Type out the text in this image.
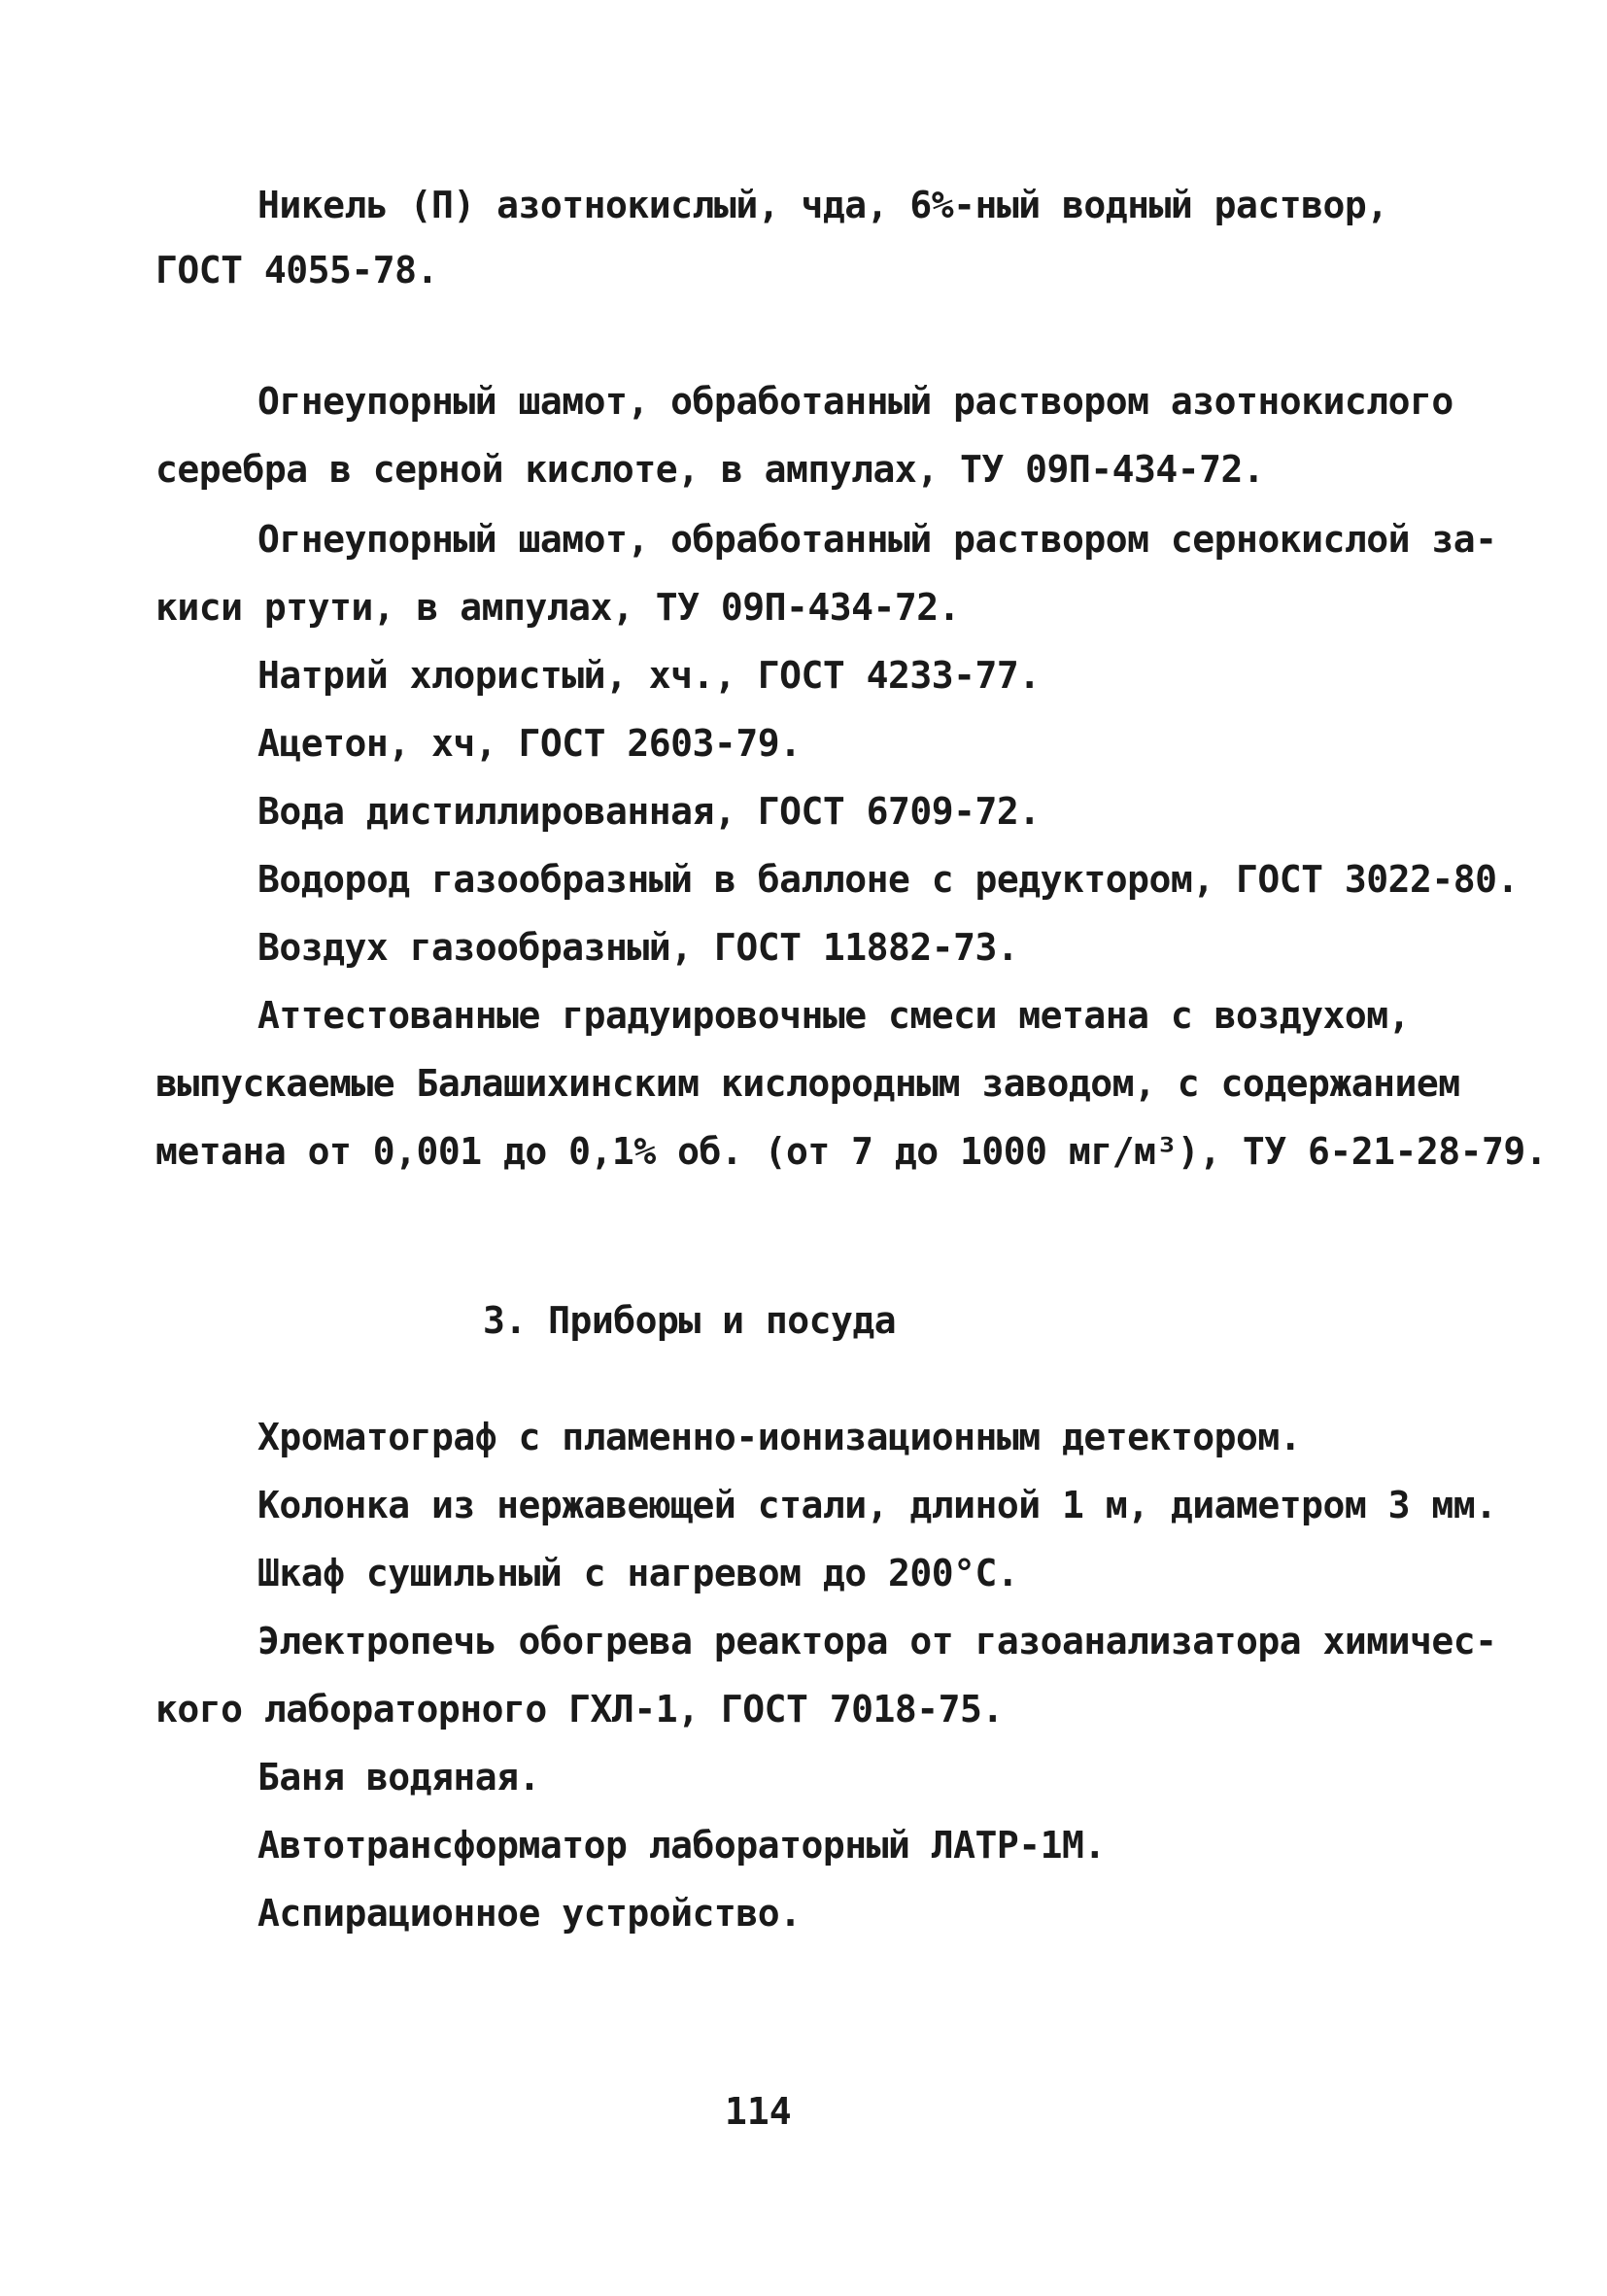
Никель (П) азотнокислый, чда, 6%-ный водный раствор,
ГОСТ 4055-78.
Огнеупорный шамот, обработанный раствором азотнокислого
серебра в серной кислоте, в ампулах, ТУ 09П-434-72.
Огнеупорный шамот, обработанный раствором сернокислой за-
киси ртути, в ампулах, ТУ 09П-434-72.
Натрий хлористый, хч., ГОСТ 4233-77.
Ацетон, хч, ГОСТ 2603-79.
Вода дистиллированная, ГОСТ 6709-72.
Водород газообразный в баллоне с редуктором, ГОСТ 3022-80.
Воздух газообразный, ГОСТ 11882-73.
Аттестованные градуировочные смеси метана с воздухом,
выпускаемые Балашихинским кислородным заводом, с содержанием
метана от 0,001 до 0,1% об. (от 7 до 1000 мг/м³), ТУ 6-21-28-79.
3. Приборы и посуда
Хроматограф с пламенно-ионизационным детектором.
Колонка из нержавеющей стали, длиной 1 м, диаметром 3 мм.
Шкаф сушильный с нагревом до 200°С.
Электропечь обогрева реактора от газоанализатора химичес-
кого лабораторного ГХЛ-1, ГОСТ 7018-75.
Баня водяная.
Автотрансформатор лабораторный ЛАТР-1М.
Аспирационное устройство.
114
